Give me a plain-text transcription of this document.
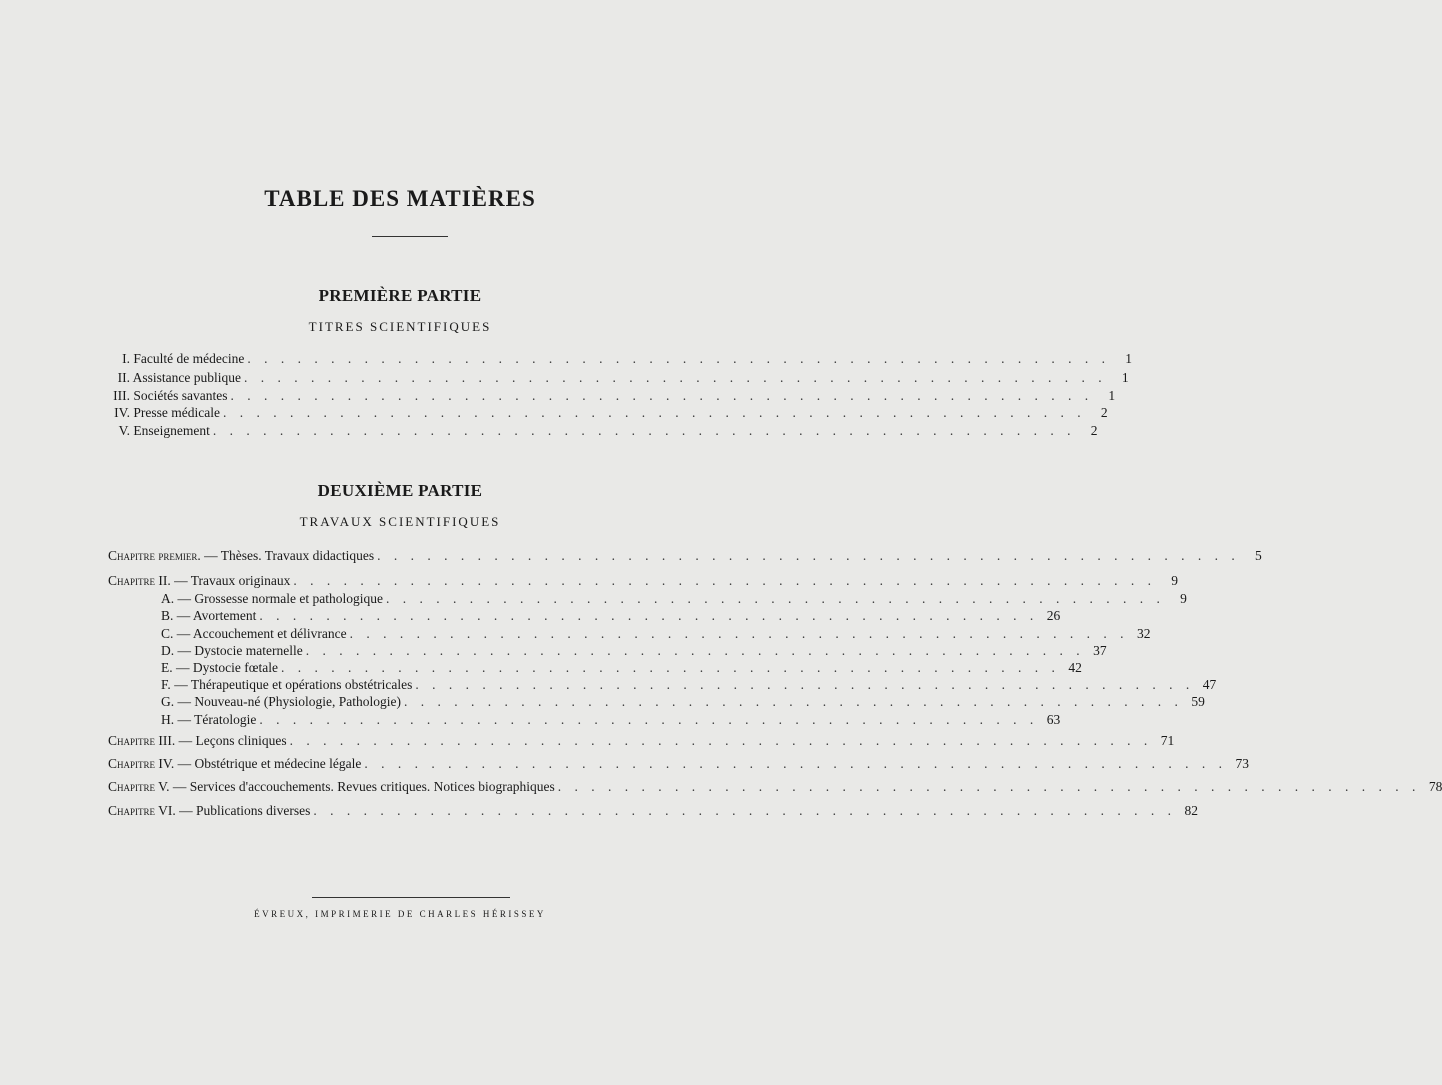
TABLE DES MATIÈRES
PREMIÈRE PARTIE
TITRES SCIENTIFIQUES
I. Faculté de médecine . . . . . . . . . . . . . . . . . . . . . . . . . . . . . . . . . . . . . . . . . . . . . . . . . . . .	1
II. Assistance publique . . . . . . . . . . . . . . . . . . . . . . . . . . . . . . . . . . . . . . . . . . . . . . . . . . . .	1
III. Sociétés savantes . . . . . . . . . . . . . . . . . . . . . . . . . . . . . . . . . . . . . . . . . . . . . . . . . . . .	1
IV. Presse médicale . . . . . . . . . . . . . . . . . . . . . . . . . . . . . . . . . . . . . . . . . . . . . . . . . . . .	2
V. Enseignement . . . . . . . . . . . . . . . . . . . . . . . . . . . . . . . . . . . . . . . . . . . . . . . . . . . .	2
DEUXIÈME PARTIE
TRAVAUX SCIENTIFIQUES
Chapitre premier. — Thèses. Travaux didactiques . . . . . . . . . . . . . . . . . . . . . . . . . . . . . . . . . . . . . . . . . . . . . . . . . . . .	5
Chapitre II. — Travaux originaux . . . . . . . . . . . . . . . . . . . . . . . . . . . . . . . . . . . . . . . . . . . . . . . . . . . .	9
A. — Grossesse normale et pathologique . . . . . . . . . . . . . . . . . . . . . . . . . . . . . . . . . . . . . . . . . . . . . . .	9
B. — Avortement . . . . . . . . . . . . . . . . . . . . . . . . . . . . . . . . . . . . . . . . . . . . . . . 26
C. — Accouchement et délivrance . . . . . . . . . . . . . . . . . . . . . . . . . . . . . . . . . . . . . . . . . . . . . . . 32
D. — Dystocie maternelle . . . . . . . . . . . . . . . . . . . . . . . . . . . . . . . . . . . . . . . . . . . . . . . 37
E. — Dystocie fœtale . . . . . . . . . . . . . . . . . . . . . . . . . . . . . . . . . . . . . . . . . . . . . . . 42
F. — Thérapeutique et opérations obstétricales . . . . . . . . . . . . . . . . . . . . . . . . . . . . . . . . . . . . . . . . . . . . . . . 47
G. — Nouveau-né (Physiologie, Pathologie) . . . . . . . . . . . . . . . . . . . . . . . . . . . . . . . . . . . . . . . . . . . . . . . 59
H. — Tératologie . . . . . . . . . . . . . . . . . . . . . . . . . . . . . . . . . . . . . . . . . . . . . . . 63
Chapitre III. — Leçons cliniques . . . . . . . . . . . . . . . . . . . . . . . . . . . . . . . . . . . . . . . . . . . . . . . . . . . . 71
Chapitre IV. — Obstétrique et médecine légale . . . . . . . . . . . . . . . . . . . . . . . . . . . . . . . . . . . . . . . . . . . . . . . . . . . . 73
Chapitre V. — Services d'accouchements. Revues critiques. Notices biographiques . . . . . . . . . . . . . . . . . . . . . . . . . . . . . . . . . . . . . . . . . . . . . . . . . . . . 78
Chapitre VI. — Publications diverses . . . . . . . . . . . . . . . . . . . . . . . . . . . . . . . . . . . . . . . . . . . . . . . . . . . . 82
ÉVREUX, IMPRIMERIE DE CHARLES HÉRISSEY
